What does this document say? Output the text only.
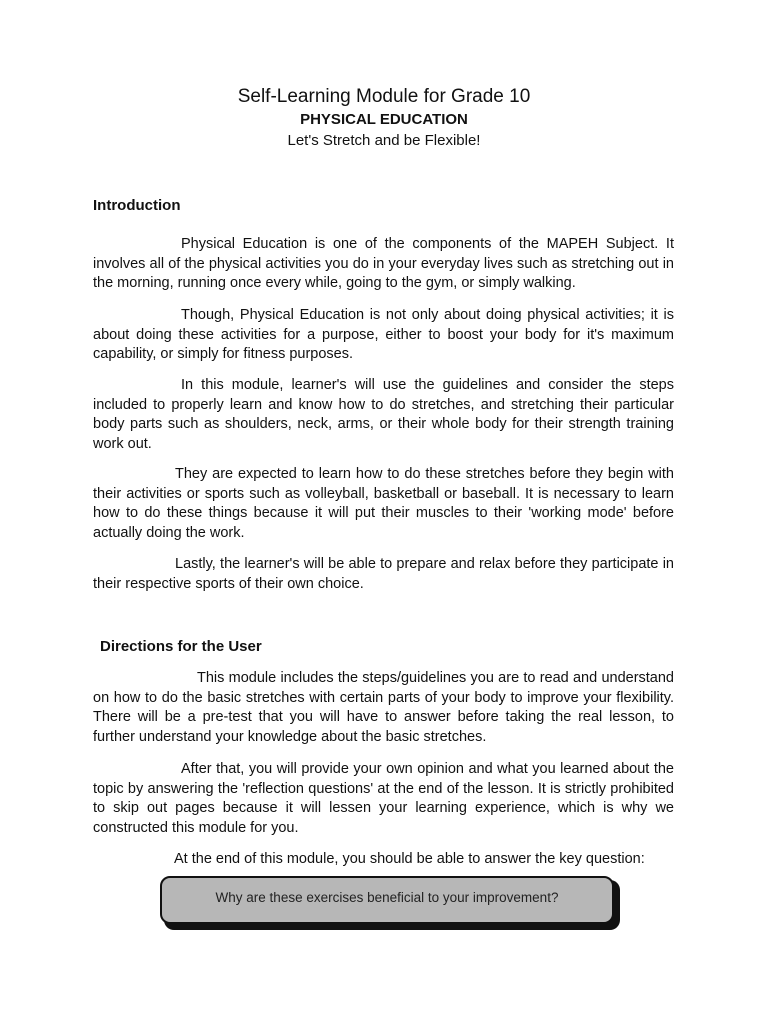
Self-Learning Module for Grade 10
PHYSICAL EDUCATION
Let's Stretch and be Flexible!
Introduction

Physical Education is one of the components of the MAPEH Subject. It involves all of the physical activities you do in your everyday lives such as stretching out in the morning, running once every while, going to the gym, or simply walking.

Though, Physical Education is not only about doing physical activities; it is about doing these activities for a purpose, either to boost your body for it's maximum capability, or simply for fitness purposes.

In this module, learner's will use the guidelines and consider the steps included to properly learn and know how to do stretches, and stretching their particular body parts such as shoulders, neck, arms, or their whole body for their strength training work out.

They are expected to learn how to do these stretches before they begin with their activities or sports such as volleyball, basketball or baseball. It is necessary to learn how to do these things because it will put their muscles to their 'working mode' before actually doing the work.

Lastly, the learner's will be able to prepare and relax before they participate in their respective sports of their own choice.

Directions for the User

This module includes the steps/guidelines you are to read and understand on how to do the basic stretches with certain parts of your body to improve your flexibility. There will be a pre-test that you will have to answer before taking the real lesson, to further understand your knowledge about the basic stretches.

After that, you will provide your own opinion and what you learned about the topic by answering the 'reflection questions' at the end of the lesson. It is strictly prohibited to skip out pages because it will lessen your learning experience, which is why we constructed this module for you.

At the end of this module, you should be able to answer the key question:

Why are these exercises beneficial to your improvement?
